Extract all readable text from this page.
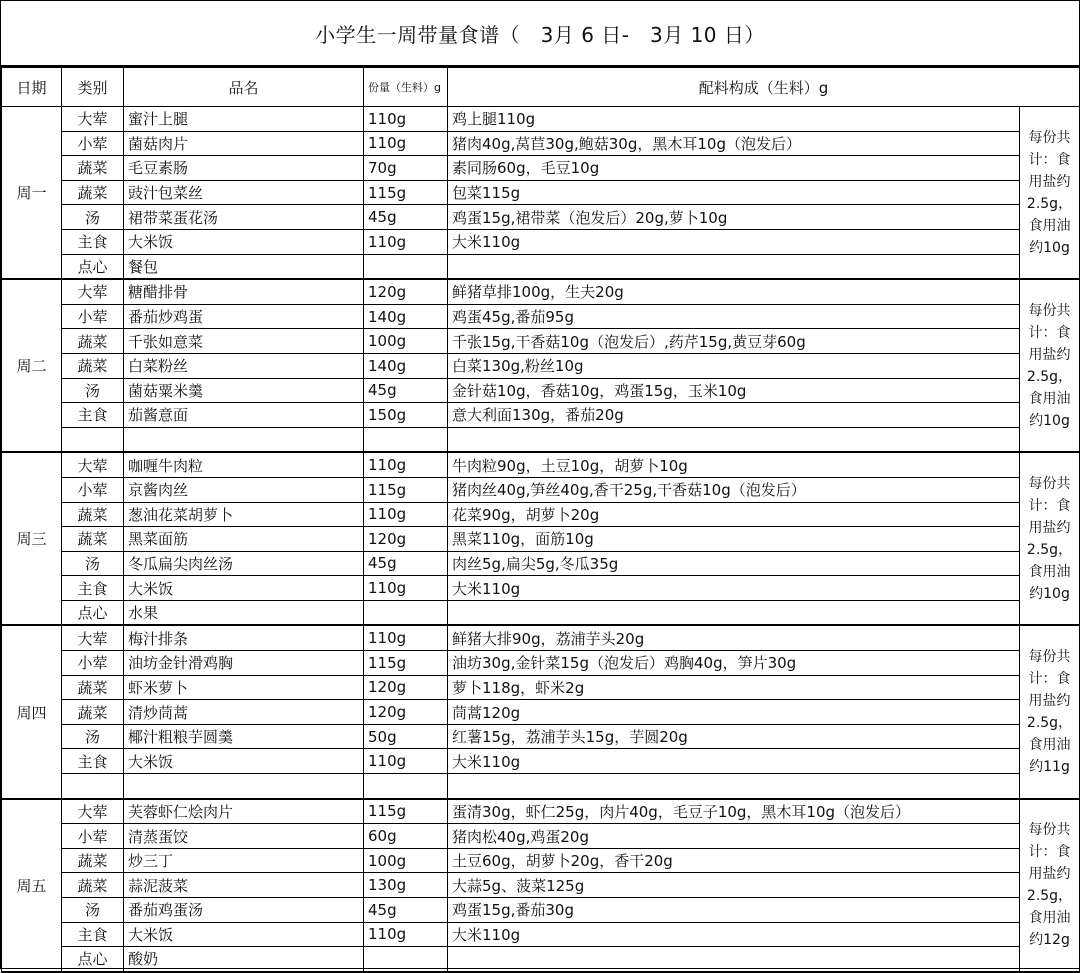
小学生一周带量食谱（　3月 6 日-　3月 10 日）
日期	类别	品名	份量（生料）g	配料构成（生料）g	
周一	大荤	蜜汁上腿	110g	鸡上腿110g	每份共计：食用盐约2.5g，食用油约10g
	小荤	菌菇肉片	110g	猪肉40g,莴苣30g,鲍菇30g，黑木耳10g（泡发后）	
	蔬菜	毛豆素肠	70g	素同肠60g，毛豆10g	
	蔬菜	豉汁包菜丝	115g	包菜115g	
	汤	裙带菜蛋花汤	45g	鸡蛋15g,裙带菜（泡发后）20g,萝卜10g	
	主食	大米饭	110g	大米110g	
	点心	餐包			
周二	大荤	糖醋排骨	120g	鲜猪草排100g，生夫20g	每份共计：食用盐约2.5g，食用油约10g
	小荤	番茄炒鸡蛋	140g	鸡蛋45g,番茄95g	
	蔬菜	千张如意菜	100g	千张15g,干香菇10g（泡发后）,药芹15g,黄豆芽60g	
	蔬菜	白菜粉丝	140g	白菜130g,粉丝10g	
	汤	菌菇粟米羹	45g	金针菇10g，香菇10g，鸡蛋15g，玉米10g	
	主食	茄酱意面	150g	意大利面130g，番茄20g	

周三	大荤	咖喱牛肉粒	110g	牛肉粒90g，土豆10g，胡萝卜10g	每份共计：食用盐约2.5g，食用油约10g
	小荤	京酱肉丝	115g	猪肉丝40g,笋丝40g,香干25g,干香菇10g（泡发后）	
	蔬菜	葱油花菜胡萝卜	110g	花菜90g，胡萝卜20g	
	蔬菜	黑菜面筋	120g	黑菜110g，面筋10g	
	汤	冬瓜扁尖肉丝汤	45g	肉丝5g,扁尖5g,冬瓜35g	
	主食	大米饭	110g	大米110g	
	点心	水果			
周四	大荤	梅汁排条	110g	鲜猪大排90g，荔浦芋头20g	每份共计：食用盐约2.5g，食用油约11g
	小荤	油坊金针滑鸡胸	115g	油坊30g,金针菜15g（泡发后）鸡胸40g，笋片30g	
	蔬菜	虾米萝卜	120g	萝卜118g，虾米2g	
	蔬菜	清炒茼蒿	120g	茼蒿120g	
	汤	椰汁粗粮芋圆羹	50g	红薯15g，荔浦芋头15g，芋圆20g	
	主食	大米饭	110g	大米110g	

周五	大荤	芙蓉虾仁烩肉片	115g	蛋清30g，虾仁25g，肉片40g，毛豆子10g，黑木耳10g（泡发后）	每份共计：食用盐约2.5g，食用油约12g
	小荤	清蒸蛋饺	60g	猪肉松40g,鸡蛋20g	
	蔬菜	炒三丁	100g	土豆60g，胡萝卜20g，香干20g	
	蔬菜	蒜泥菠菜	130g	大蒜5g、菠菜125g	
	汤	番茄鸡蛋汤	45g	鸡蛋15g,番茄30g	
	主食	大米饭	110g	大米110g	
	点心	酸奶			
